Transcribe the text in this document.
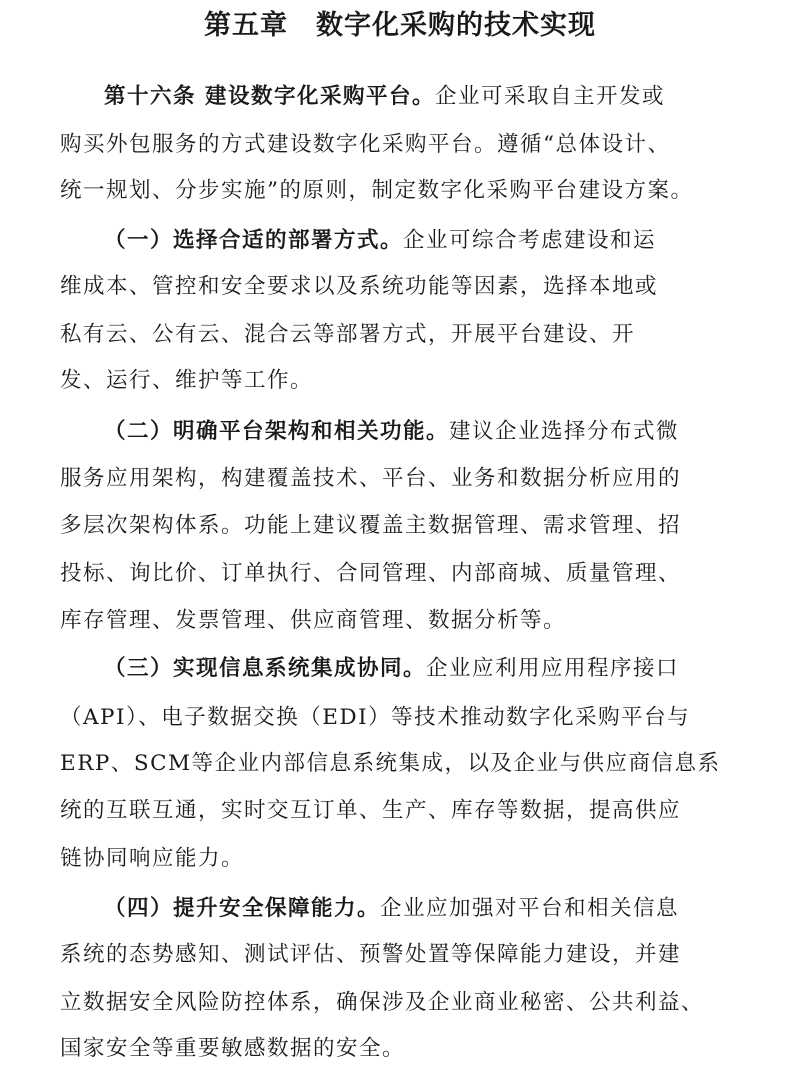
第五章　数字化采购的技术实现
第十六条 建设数字化采购平台。企业可采取自主开发或
购买外包服务的方式建设数字化采购平台。遵循“总体设计、
统一规划、分步实施”的原则，制定数字化采购平台建设方案。
（一）选择合适的部署方式。企业可综合考虑建设和运
维成本、管控和安全要求以及系统功能等因素，选择本地或
私有云、公有云、混合云等部署方式，开展平台建设、开
发、运行、维护等工作。
（二）明确平台架构和相关功能。建议企业选择分布式微
服务应用架构，构建覆盖技术、平台、业务和数据分析应用的
多层次架构体系。功能上建议覆盖主数据管理、需求管理、招
投标、询比价、订单执行、合同管理、内部商城、质量管理、
库存管理、发票管理、供应商管理、数据分析等。
（三）实现信息系统集成协同。企业应利用应用程序接口
（API）、电子数据交换（EDI）等技术推动数字化采购平台与
ERP、SCM等企业内部信息系统集成，以及企业与供应商信息系
统的互联互通，实时交互订单、生产、库存等数据，提高供应
链协同响应能力。
（四）提升安全保障能力。企业应加强对平台和相关信息
系统的态势感知、测试评估、预警处置等保障能力建设，并建
立数据安全风险防控体系，确保涉及企业商业秘密、公共利益、
国家安全等重要敏感数据的安全。
